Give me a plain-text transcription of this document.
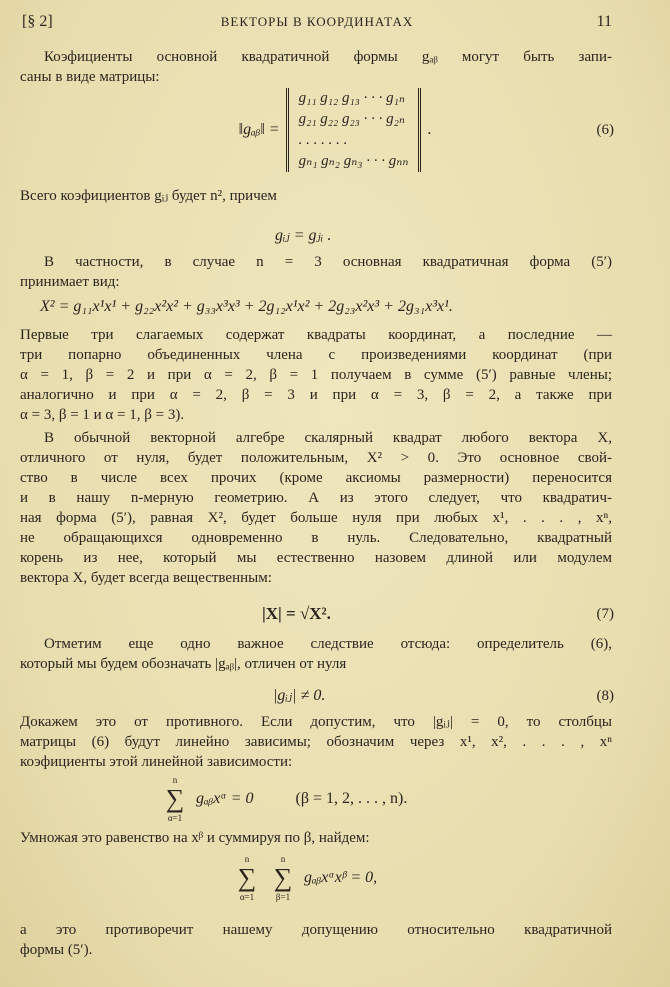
[§ 2]	ВЕКТОРЫ В КООРДИНАТАХ	11
Коэфициенты основной квадратичной формы gₐᵦ могут быть запи-
саны в виде матрицы:
‖gₐᵦ‖ =
g₁₁ g₁₂ g₁₃ · · · g₁ₙ
g₂₁ g₂₂ g₂₃ · · · g₂ₙ
. . . . . . .
gₙ₁ gₙ₂ gₙ₃ · · · gₙₙ
.	(6)
Всего коэфициентов gᵢⱼ будет n², причем
gᵢⱼ = gⱼᵢ .
В частности, в случае n = 3 основная квадратичная форма (5′)
принимает вид:
X² = g₁₁x¹x¹ + g₂₂x²x² + g₃₃x³x³ + 2g₁₂x¹x² + 2g₂₃x²x³ + 2g₃₁x³x¹.
Первые три слагаемых содержат квадраты координат, а последние —
три попарно объединенных члена с произведениями координат (при
α = 1, β = 2 и при α = 2, β = 1 получаем в сумме (5′) равные члены;
аналогично и при α = 2, β = 3 и при α = 3, β = 2, а также при
α = 3, β = 1 и α = 1, β = 3).
В обычной векторной алгебре скалярный квадрат любого вектора X,
отличного от нуля, будет положительным, X² > 0. Это основное свой-
ство в числе всех прочих (кроме аксиомы размерности) переносится
и в нашу n-мерную геометрию. А из этого следует, что квадратич-
ная форма (5′), равная X², будет больше нуля при любых x¹, . . . , xⁿ,
не обращающихся одновременно в нуль. Следовательно, квадратный
корень из нее, который мы естественно назовем длиной или модулем
вектора X, будет всегда вещественным:
|X| = √X².	(7)
Отметим еще одно важное следствие отсюда: определитель (6),
который мы будем обозначать |gₐᵦ|, отличен от нуля
|gᵢⱼ| ≠ 0.	(8)
Докажем это от противного. Если допустим, что |gᵢⱼ| = 0, то столбцы
матрицы (6) будут линейно зависимы; обозначим через x¹, x², . . . , xⁿ
коэфициенты этой линейной зависимости:
n
∑
α=1
gₐᵦxᵅ = 0	(β = 1, 2, . . . , n).
Умножая это равенство на xᵝ и суммируя по β, найдем:
n
∑
α=1
n
∑
β=1
gₐᵦxᵅxᵝ = 0,
а это противоречит нашему допущению относительно квадратичной
формы (5′).
